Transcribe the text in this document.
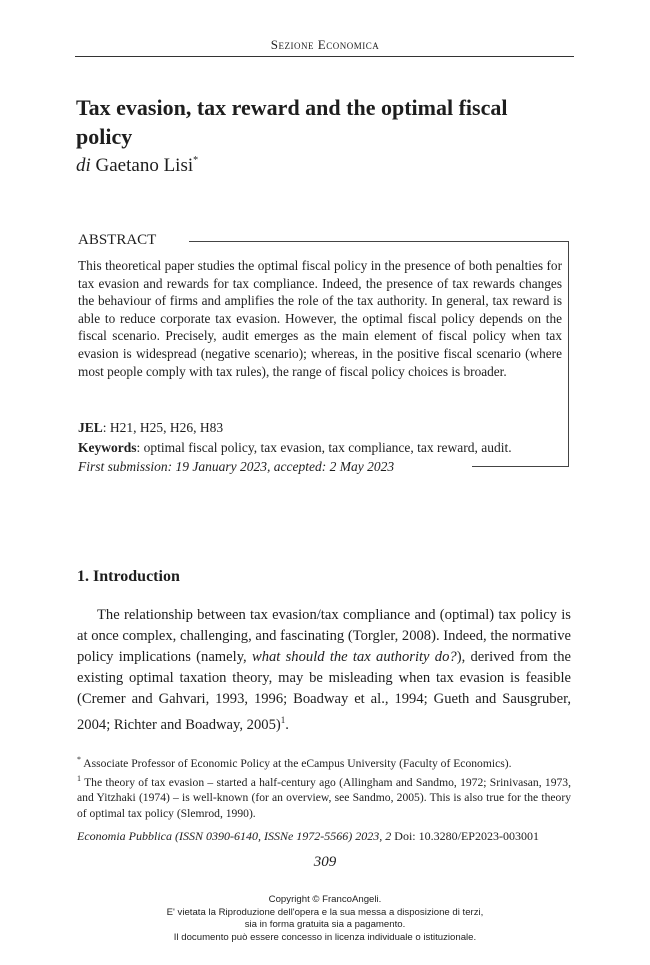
Sezione Economica
Tax evasion, tax reward and the optimal fiscal policy
di Gaetano Lisi*
ABSTRACT
This theoretical paper studies the optimal fiscal policy in the presence of both penalties for tax evasion and rewards for tax compliance. Indeed, the presence of tax rewards changes the behaviour of firms and amplifies the role of the tax authority. In general, tax reward is able to reduce corporate tax evasion. However, the optimal fiscal policy depends on the fiscal scenario. Precisely, audit emerges as the main element of fiscal policy when tax evasion is widespread (negative scenario); whereas, in the positive fiscal scenario (where most people comply with tax rules), the range of fiscal policy choices is broader.
JEL: H21, H25, H26, H83
Keywords: optimal fiscal policy, tax evasion, tax compliance, tax reward, audit.
First submission: 19 January 2023, accepted: 2 May 2023
1. Introduction

The relationship between tax evasion/tax compliance and (optimal) tax policy is at once complex, challenging, and fascinating (Torgler, 2008). Indeed, the normative policy implications (namely, what should the tax authority do?), derived from the existing optimal taxation theory, may be misleading when tax evasion is feasible (Cremer and Gahvari, 1993, 1996; Boadway et al., 1994; Gueth and Sausgruber, 2004; Richter and Boadway, 2005)$^1$.

* Associate Professor of Economic Policy at the eCampus University (Faculty of Economics).

$^1$ The theory of tax evasion – started a half-century ago (Allingham and Sandmo, 1972; Srinivasan, 1973, and Yitzhaki (1974) – is well-known (for an overview, see Sandmo, 2005). This is also true for the theory of optimal tax policy (Slemrod, 1990).

Economia Pubblica (ISSN 0390-6140, ISSNe 1972-5566) 2023, 2 Doi: 10.3280/EP2023-003001
309
Copyright © FrancoAngeli.
E' vietata la Riproduzione dell'opera e la sua messa a disposizione di terzi,
sia in forma gratuita sia a pagamento.
Il documento può essere concesso in licenza individuale o istituzionale.
